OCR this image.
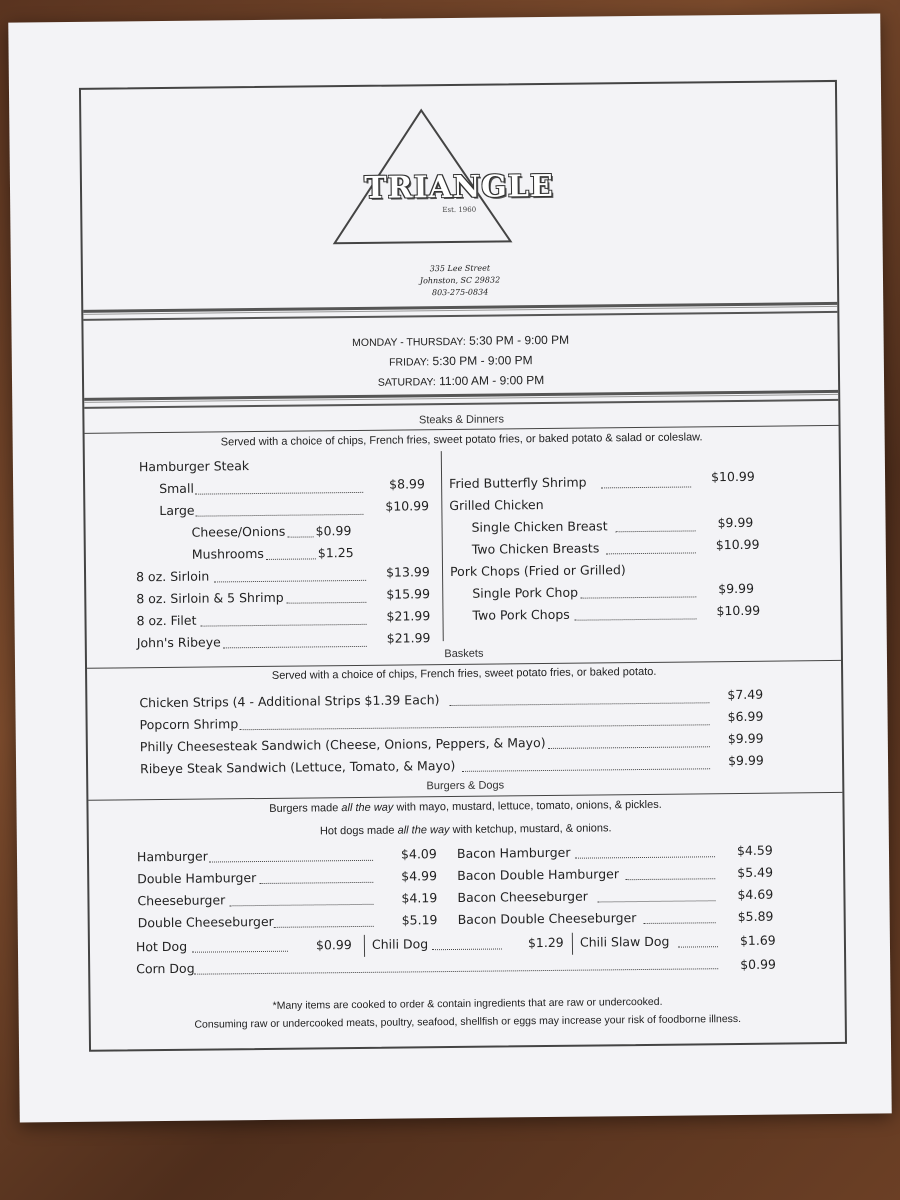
TRIANGLE
Est. 1960
335 Lee Street
Johnston, SC 29832
803-275-0834
MONDAY - THURSDAY: 5:30 PM - 9:00 PM
FRIDAY: 5:30 PM - 9:00 PM
SATURDAY: 11:00 AM - 9:00 PM
Steaks & Dinners
Served with a choice of chips, French fries, sweet potato fries, or baked potato & salad or coleslaw.
Hamburger Steak
Small	$8.99
Large	$10.99
Cheese/Onions $0.99
Mushrooms	$1.25
8 oz. Sirloin	$13.99
8 oz. Sirloin & 5 Shrimp	$15.99
8 oz. Filet	$21.99
John's Ribeye	$21.99
Fried Butterfly Shrimp	$10.99
Grilled Chicken
Single Chicken Breast	$9.99
Two Chicken Breasts	$10.99
Pork Chops (Fried or Grilled)
Single Pork Chop	$9.99
Two Pork Chops	$10.99
Baskets
Served with a choice of chips, French fries, sweet potato fries, or baked potato.
Chicken Strips (4 - Additional Strips $1.39 Each)	$7.49
Popcorn Shrimp	$6.99
Philly Cheesesteak Sandwich (Cheese, Onions, Peppers, & Mayo)	$9.99
Ribeye Steak Sandwich (Lettuce, Tomato, & Mayo)	$9.99
Burgers & Dogs
Burgers made all the way with mayo, mustard, lettuce, tomato, onions, & pickles.
Hot dogs made all the way with ketchup, mustard, & onions.
Hamburger	$4.09
Double Hamburger	$4.99
Cheeseburger	$4.19
Double Cheeseburger	$5.19
Bacon Hamburger	$4.59
Bacon Double Hamburger	$5.49
Bacon Cheeseburger	$4.69
Bacon Double Cheeseburger	$5.89
Hot Dog	$0.99 Chili Dog	$1.29 Chili Slaw Dog	$1.69
Corn Dog	$0.99
*Many items are cooked to order & contain ingredients that are raw or undercooked.
Consuming raw or undercooked meats, poultry, seafood, shellfish or eggs may increase your risk of foodborne illness.
